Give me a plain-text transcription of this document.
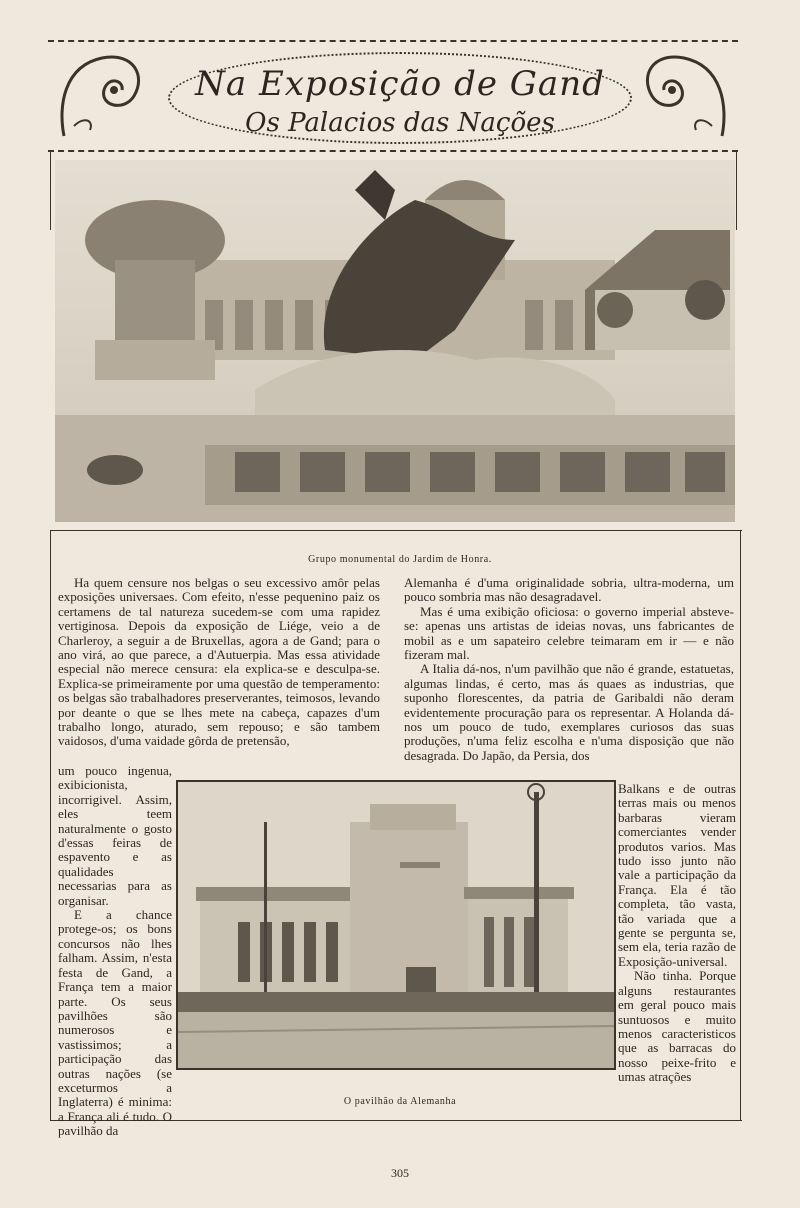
Na Exposição de Gand
Os Palacios das Nações
Grupo monumental do Jardim de Honra.

Ha quem censure nos belgas o seu excessivo amôr pelas exposições universaes. Com efeito, n'esse pequenino paiz os certamens de tal natureza sucedem-se com uma rapidez vertiginosa. Depois da exposição de Liége, veio a de Charleroy, a seguir a de Bruxellas, agora a de Gand; para o ano virá, ao que parece, a d'Autuerpia. Mas essa atividade especial não merece censura: ela explica-se e desculpa-se. Explica-se primeiramente por uma questão de temperamento: os belgas são trabalhadores preserverantes, teimosos, levando por deante o que se lhes mete na cabeça, capazes d'um trabalho longo, aturado, sem repouso; e são tambem vaidosos, d'uma vaidade gôrda de pretensão,

um pouco ingenua, exibicionista, incorrigivel. Assim, eles teem naturalmente o gosto d'essas feiras de espavento e as qualidades necessarias para as organisar.

E a chance protege-os; os bons concursos não lhes falham. Assim, n'esta festa de Gand, a França tem a maior parte. Os seus pavilhões são numerosos e vastissimos; a participação das outras nações (se exceturmos a Inglaterra) é minima: a França ali é tudo. O pavilhão da

Alemanha é d'uma originalidade sobria, ultra-moderna, um pouco sombria mas não desagradavel.

Mas é uma exibição oficiosa: o governo imperial absteve-se: apenas uns artistas de ideias novas, uns fabricantes de mobil as e um sapateiro celebre teimaram em ir — e não fizeram mal.

A Italia dá-nos, n'um pavilhão que não é grande, estatuetas, algumas lindas, é certo, mas ás quaes as industrias, que suponho florescentes, da patria de Garibaldi não deram evidentemente procuração para os representar. A Holanda dá-nos um pouco de tudo, exemplares curiosos das suas produções, n'uma feliz escolha e n'uma disposição que não desagrada. Do Japão, da Persia, dos

Balkans e de outras terras mais ou menos barbaras vieram comerciantes vender produtos varios. Mas tudo isso junto não vale a participação da França. Ela é tão completa, tão vasta, tão variada que a gente se pergunta se, sem ela, teria razão de Exposição-universal.

Não tinha. Porque alguns restaurantes em geral pouco mais suntuosos e muito menos caracteristicos que as barracas do nosso peixe-frito e umas atrações

O pavilhão da Alemanha
305
